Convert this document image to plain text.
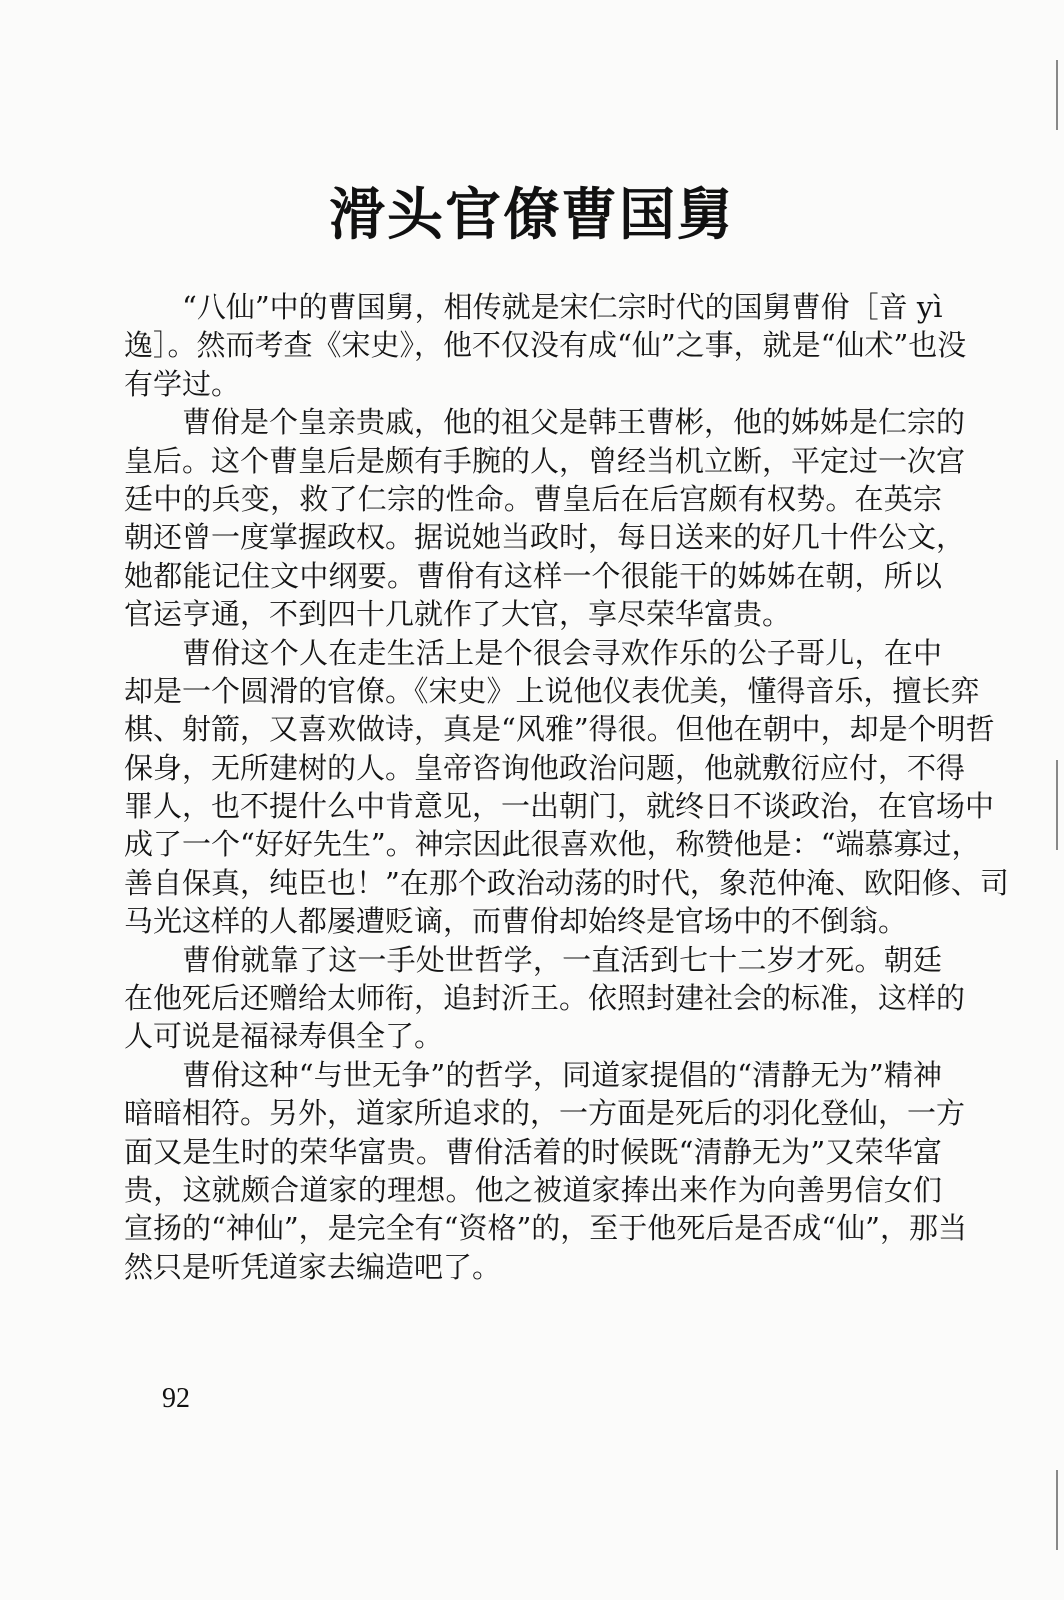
滑头官僚曹国舅
“八仙”中的曹国舅，相传就是宋仁宗时代的国舅曹佾［音 yì
逸］。然而考查《宋史》，他不仅没有成“仙”之事，就是“仙术”也没
有学过。
曹佾是个皇亲贵戚，他的祖父是韩王曹彬，他的姊姊是仁宗的
皇后。这个曹皇后是颇有手腕的人，曾经当机立断，平定过一次宫
廷中的兵变，救了仁宗的性命。曹皇后在后宫颇有权势。在英宗
朝还曾一度掌握政权。据说她当政时，每日送来的好几十件公文，
她都能记住文中纲要。曹佾有这样一个很能干的姊姊在朝，所以
官运亨通，不到四十几就作了大官，享尽荣华富贵。
曹佾这个人在走生活上是个很会寻欢作乐的公子哥儿，在中
却是一个圆滑的官僚。《宋史》上说他仪表优美，懂得音乐，擅长弈
棋、射箭，又喜欢做诗，真是“风雅”得很。但他在朝中，却是个明哲
保身，无所建树的人。皇帝咨询他政治问题，他就敷衍应付，不得
罪人，也不提什么中肯意见，一出朝门，就终日不谈政治，在官场中
成了一个“好好先生”。神宗因此很喜欢他，称赞他是：“端慕寡过，
善自保真，纯臣也！”在那个政治动荡的时代，象范仲淹、欧阳修、司
马光这样的人都屡遭贬谪，而曹佾却始终是官场中的不倒翁。
曹佾就靠了这一手处世哲学，一直活到七十二岁才死。朝廷
在他死后还赠给太师衔，追封沂王。依照封建社会的标准，这样的
人可说是福禄寿俱全了。
曹佾这种“与世无争”的哲学，同道家提倡的“清静无为”精神
暗暗相符。另外，道家所追求的，一方面是死后的羽化登仙，一方
面又是生时的荣华富贵。曹佾活着的时候既“清静无为”又荣华富
贵，这就颇合道家的理想。他之被道家捧出来作为向善男信女们
宣扬的“神仙”，是完全有“资格”的，至于他死后是否成“仙”，那当
然只是听凭道家去编造吧了。
92
